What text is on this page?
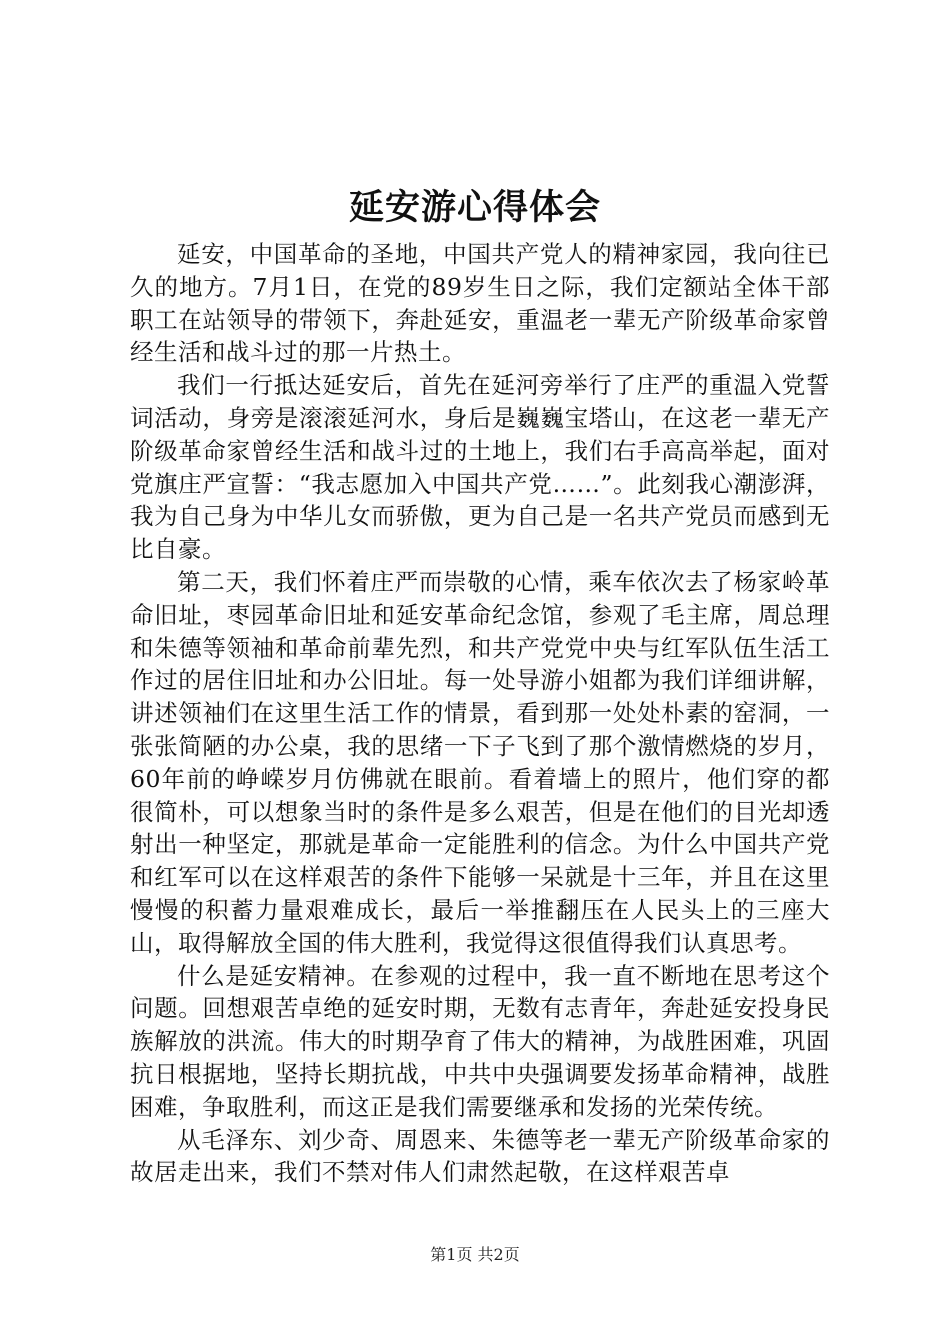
延安游心得体会

延安，中国革命的圣地，中国共产党人的精神家园，我向往已久的地方。7月1日，在党的89岁生日之际，我们定额站全体干部职工在站领导的带领下，奔赴延安，重温老一辈无产阶级革命家曾经生活和战斗过的那一片热土。

我们一行抵达延安后，首先在延河旁举行了庄严的重温入党誓词活动，身旁是滚滚延河水，身后是巍巍宝塔山，在这老一辈无产阶级革命家曾经生活和战斗过的土地上，我们右手高高举起，面对党旗庄严宣誓：“我志愿加入中国共产党……”。此刻我心潮澎湃，我为自己身为中华儿女而骄傲，更为自己是一名共产党员而感到无比自豪。

第二天，我们怀着庄严而崇敬的心情，乘车依次去了杨家岭革命旧址，枣园革命旧址和延安革命纪念馆，参观了毛主席，周总理和朱德等领袖和革命前辈先烈，和共产党党中央与红军队伍生活工作过的居住旧址和办公旧址。每一处导游小姐都为我们详细讲解，讲述领袖们在这里生活工作的情景，看到那一处处朴素的窑洞，一张张简陋的办公桌，我的思绪一下子飞到了那个激情燃烧的岁月，60年前的峥嵘岁月仿佛就在眼前。看着墙上的照片，他们穿的都很简朴，可以想象当时的条件是多么艰苦，但是在他们的目光却透射出一种坚定，那就是革命一定能胜利的信念。为什么中国共产党和红军可以在这样艰苦的条件下能够一呆就是十三年，并且在这里慢慢的积蓄力量艰难成长，最后一举推翻压在人民头上的三座大山，取得解放全国的伟大胜利，我觉得这很值得我们认真思考。

什么是延安精神。在参观的过程中，我一直不断地在思考这个问题。回想艰苦卓绝的延安时期，无数有志青年，奔赴延安投身民族解放的洪流。伟大的时期孕育了伟大的精神，为战胜困难，巩固抗日根据地，坚持长期抗战，中共中央强调要发扬革命精神，战胜困难，争取胜利，而这正是我们需要继承和发扬的光荣传统。

从毛泽东、刘少奇、周恩来、朱德等老一辈无产阶级革命家的故居走出来，我们不禁对伟人们肃然起敬，在这样艰苦卓

第1页 共2页
